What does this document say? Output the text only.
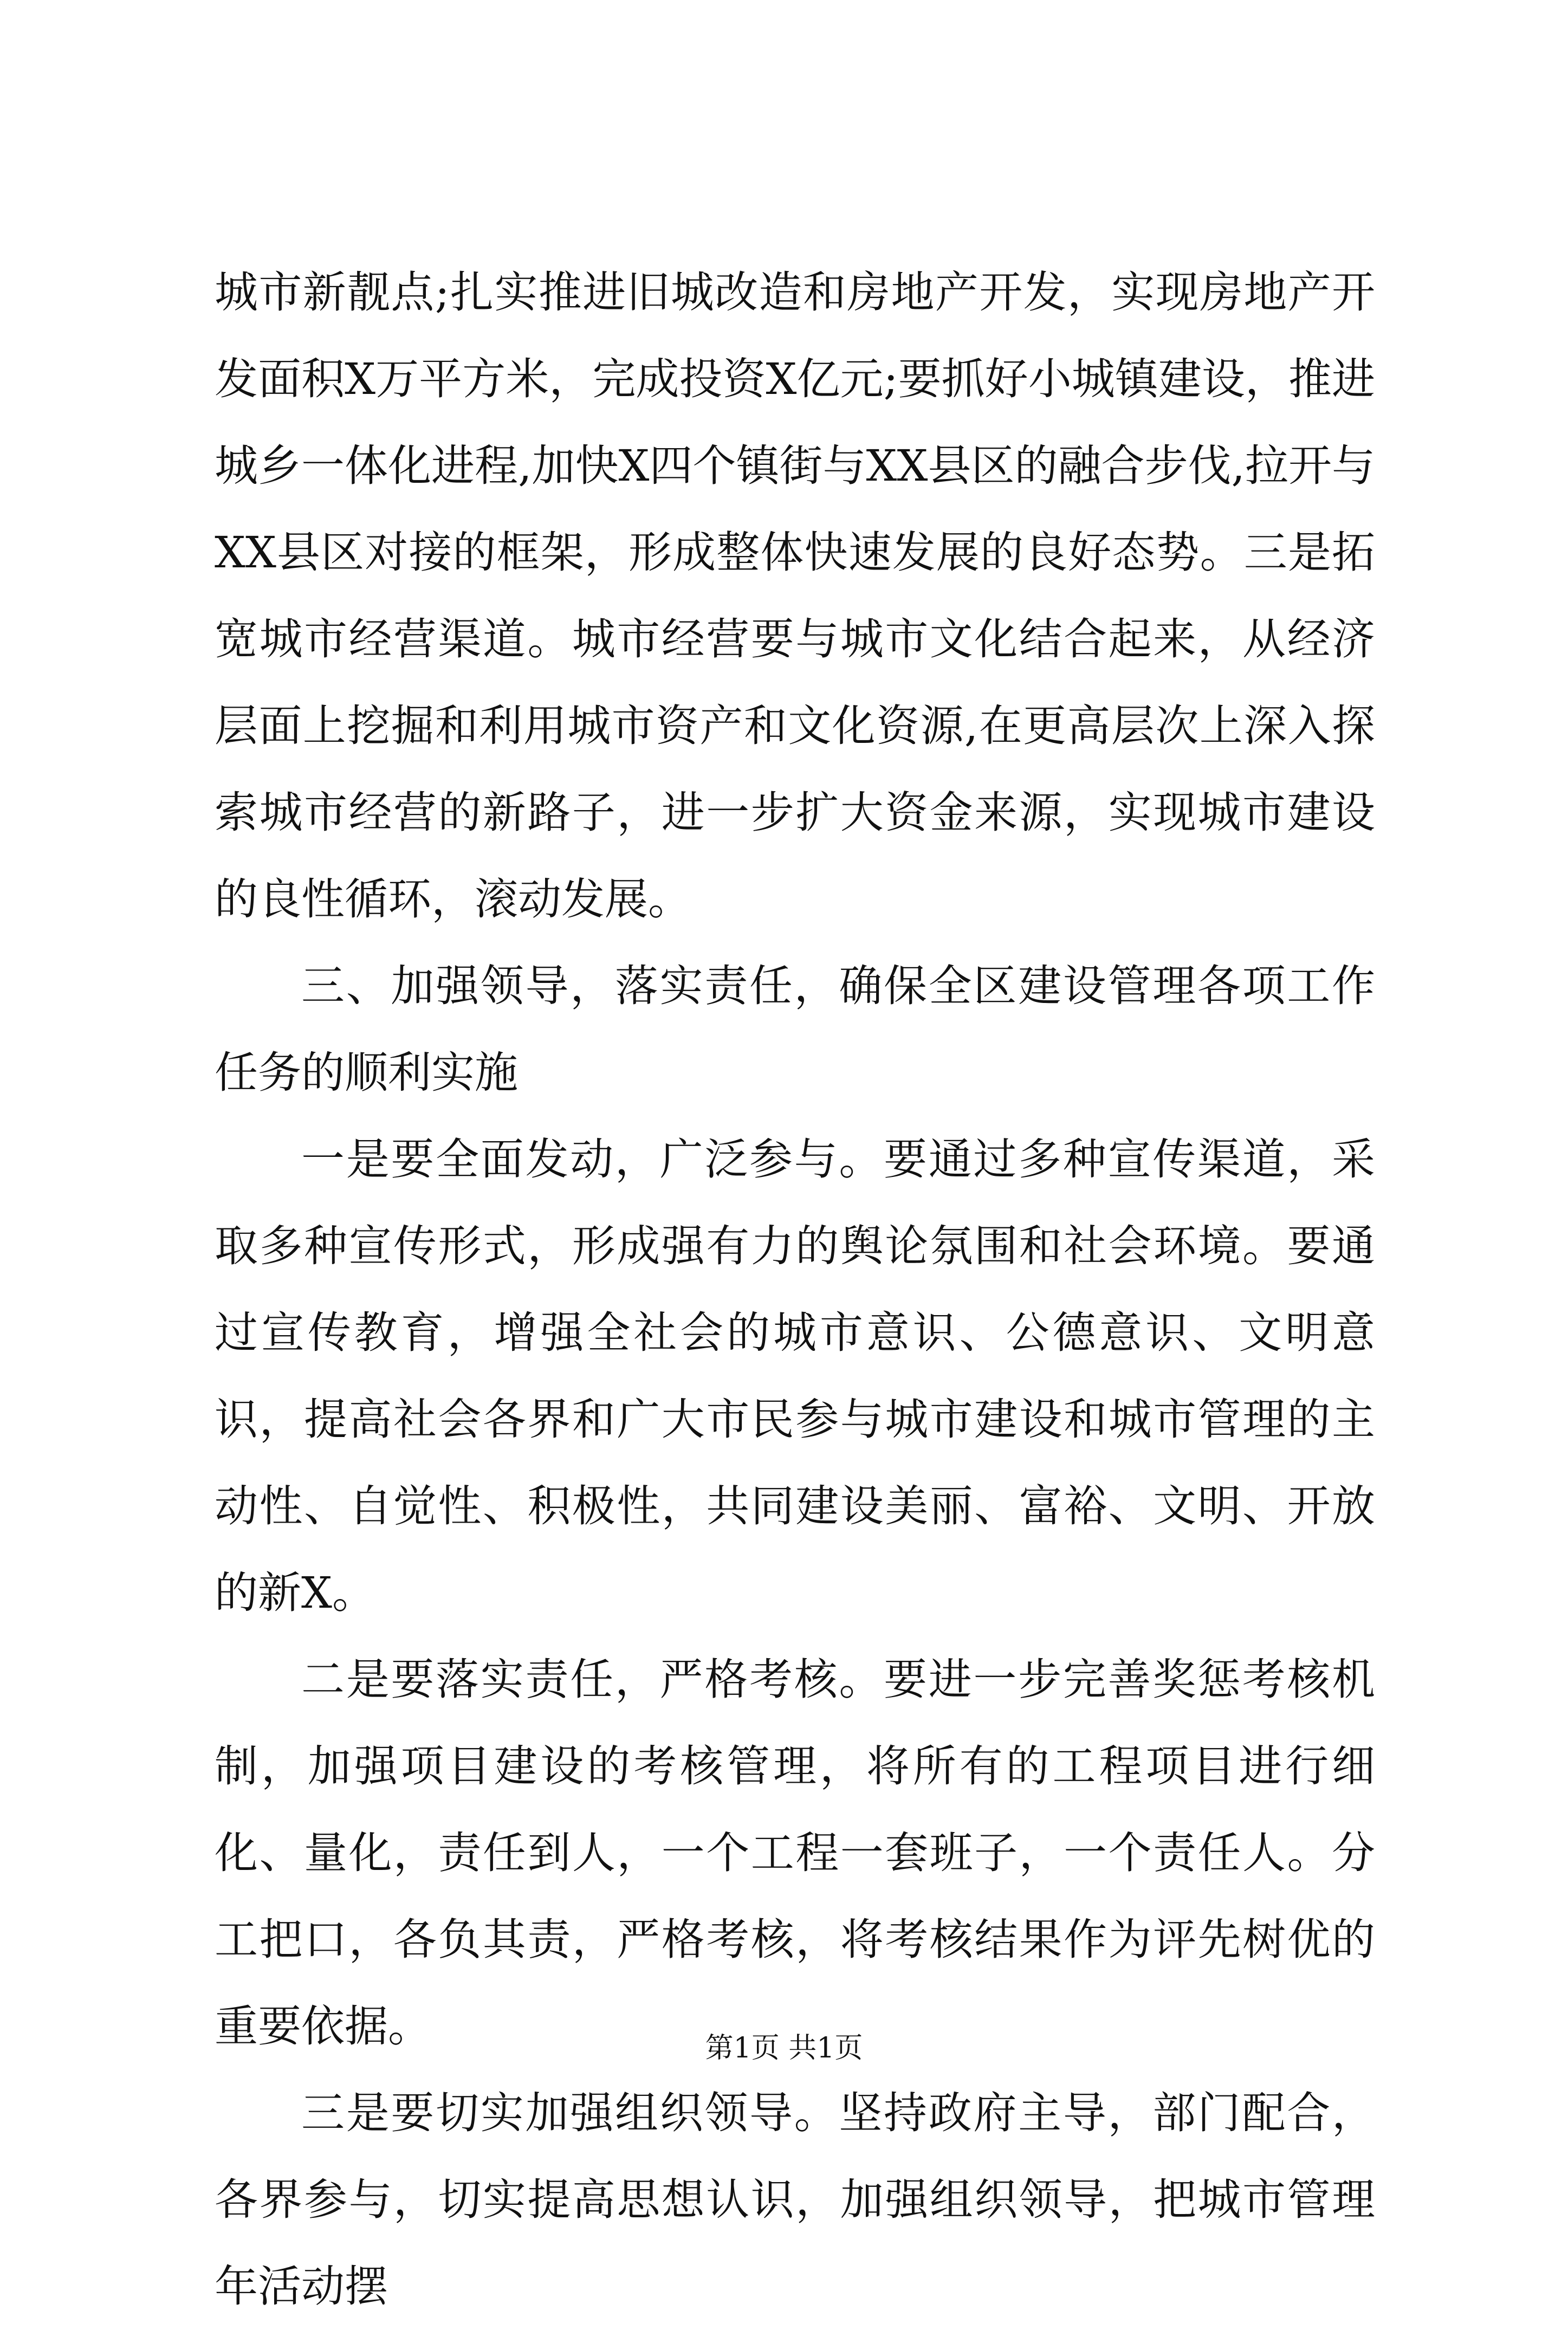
城市新靓点;扎实推进旧城改造和房地产开发，实现房地产开发面积X万平方米，完成投资X亿元;要抓好小城镇建设，推进城乡一体化进程,加快X四个镇街与XX县区的融合步伐,拉开与XX县区对接的框架，形成整体快速发展的良好态势。三是拓宽城市经营渠道。城市经营要与城市文化结合起来，从经济层面上挖掘和利用城市资产和文化资源,在更高层次上深入探索城市经营的新路子，进一步扩大资金来源，实现城市建设的良性循环，滚动发展。

三、加强领导，落实责任，确保全区建设管理各项工作任务的顺利实施

一是要全面发动，广泛参与。要通过多种宣传渠道，采取多种宣传形式，形成强有力的舆论氛围和社会环境。要通过宣传教育，增强全社会的城市意识、公德意识、文明意识，提高社会各界和广大市民参与城市建设和城市管理的主动性、自觉性、积极性，共同建设美丽、富裕、文明、开放的新X。

二是要落实责任，严格考核。要进一步完善奖惩考核机制，加强项目建设的考核管理，将所有的工程项目进行细化、量化，责任到人，一个工程一套班子，一个责任人。分工把口，各负其责，严格考核，将考核结果作为评先树优的重要依据。

三是要切实加强组织领导。坚持政府主导，部门配合，各界参与，切实提高思想认识，加强组织领导，把城市管理年活动摆

第1页 共1页
